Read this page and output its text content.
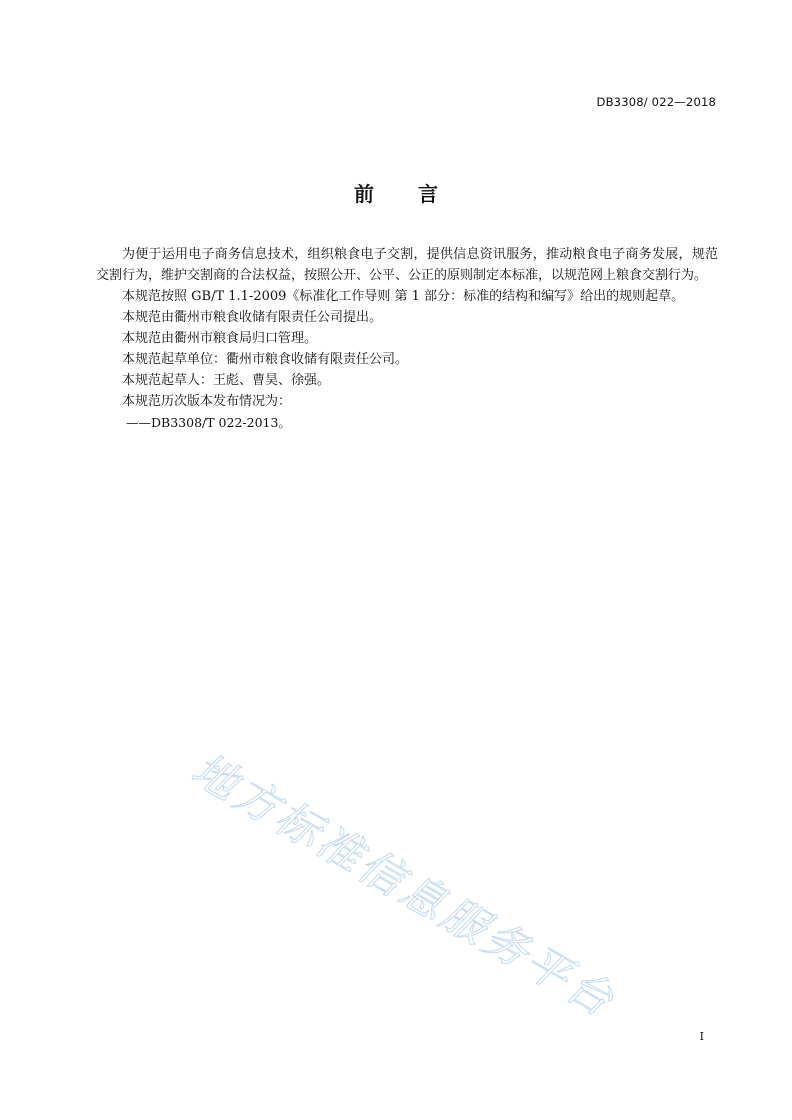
DB3308/ 022—2018
前 言

为便于运用电子商务信息技术，组织粮食电子交割，提供信息资讯服务，推动粮食电子商务发展，规范交割行为，维护交割商的合法权益，按照公开、公平、公正的原则制定本标准，以规范网上粮食交割行为。

本规范按照 GB/T 1.1-2009《标准化工作导则 第 1 部分：标准的结构和编写》给出的规则起草。

本规范由衢州市粮食收储有限责任公司提出。

本规范由衢州市粮食局归口管理。

本规范起草单位：衢州市粮食收储有限责任公司。

本规范起草人：王彪、曹昊、徐强。

本规范历次版本发布情况为：

——DB3308/T 022-2013。

地方标准信息服务平台
I
